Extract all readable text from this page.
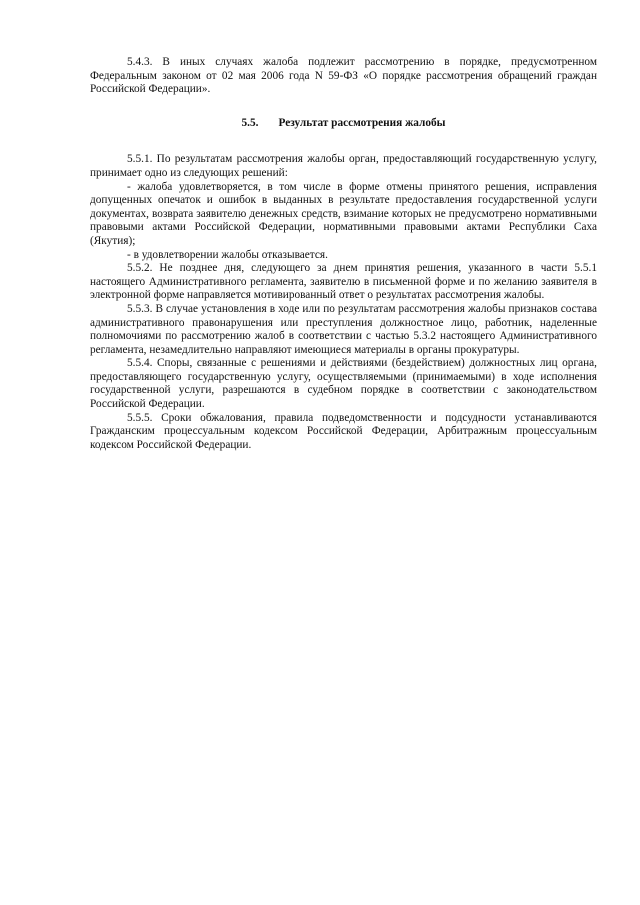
5.4.3. В иных случаях жалоба подлежит рассмотрению в порядке, предусмотренном Федеральным законом от 02 мая 2006 года N 59-ФЗ «О порядке рассмотрения обращений граждан Российской Федерации».

5.5. Результат рассмотрения жалобы

5.5.1. По результатам рассмотрения жалобы орган, предоставляющий государственную услугу, принимает одно из следующих решений:

- жалоба удовлетворяется, в том числе в форме отмены принятого решения, исправления допущенных опечаток и ошибок в выданных в результате предоставления государственной услуги документах, возврата заявителю денежных средств, взимание которых не предусмотрено нормативными правовыми актами Российской Федерации, нормативными правовыми актами Республики Саха (Якутия);

- в удовлетворении жалобы отказывается.

5.5.2. Не позднее дня, следующего за днем принятия решения, указанного в части 5.5.1 настоящего Административного регламента, заявителю в письменной форме и по желанию заявителя в электронной форме направляется мотивированный ответ о результатах рассмотрения жалобы.

5.5.3. В случае установления в ходе или по результатам рассмотрения жалобы признаков состава административного правонарушения или преступления должностное лицо, работник, наделенные полномочиями по рассмотрению жалоб в соответствии с частью 5.3.2 настоящего Административного регламента, незамедлительно направляют имеющиеся материалы в органы прокуратуры.

5.5.4. Споры, связанные с решениями и действиями (бездействием) должностных лиц органа, предоставляющего государственную услугу, осуществляемыми (принимаемыми) в ходе исполнения государственной услуги, разрешаются в судебном порядке в соответствии с законодательством Российской Федерации.

5.5.5. Сроки обжалования, правила подведомственности и подсудности устанавливаются Гражданским процессуальным кодексом Российской Федерации, Арбитражным процессуальным кодексом Российской Федерации.
